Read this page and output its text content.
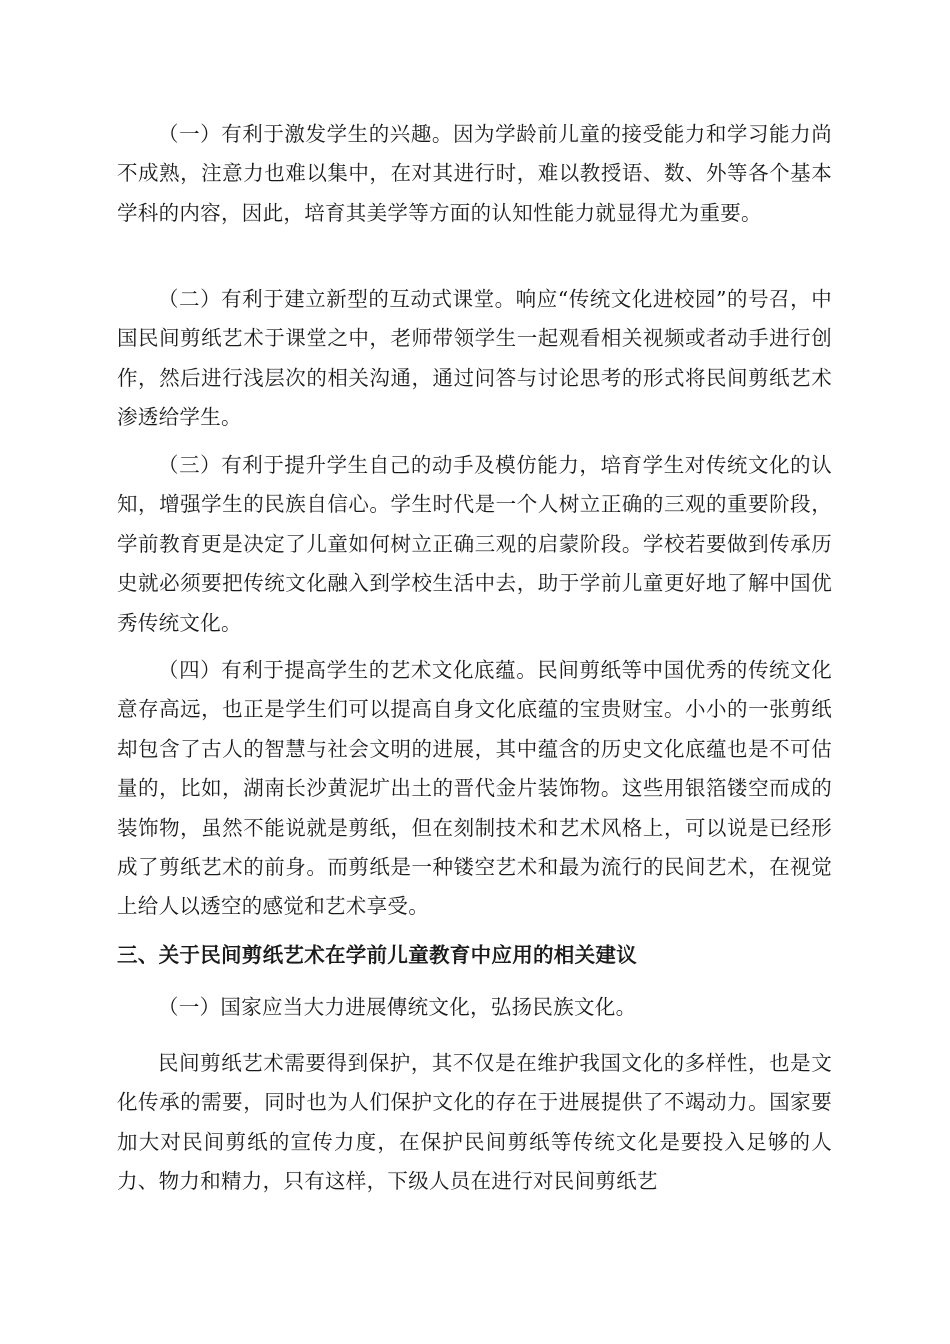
（一）有利于激发学生的兴趣。因为学龄前儿童的接受能力和学习能力尚不成熟，注意力也难以集中，在对其进行时，难以教授语、数、外等各个基本学科的内容，因此，培育其美学等方面的认知性能力就显得尤为重要。

（二）有利于建立新型的互动式课堂。响应“传统文化进校园”的号召，中国民间剪纸艺术于课堂之中，老师带领学生一起观看相关视频或者动手进行创作，然后进行浅层次的相关沟通，通过问答与讨论思考的形式将民间剪纸艺术渗透给学生。

（三）有利于提升学生自己的动手及模仿能力，培育学生对传统文化的认知，增强学生的民族自信心。学生时代是一个人树立正确的三观的重要阶段，学前教育更是决定了儿童如何树立正确三观的启蒙阶段。学校若要做到传承历史就必须要把传统文化融入到学校生活中去，助于学前儿童更好地了解中国优秀传统文化。

（四）有利于提高学生的艺术文化底蕴。民间剪纸等中国优秀的传统文化意存高远，也正是学生们可以提高自身文化底蕴的宝贵财宝。小小的一张剪纸却包含了古人的智慧与社会文明的进展，其中蕴含的历史文化底蕴也是不可估量的，比如，湖南长沙黄泥圹出土的晋代金片装饰物。这些用银箔镂空而成的装饰物，虽然不能说就是剪纸，但在刻制技术和艺术风格上，可以说是已经形成了剪纸艺术的前身。而剪纸是一种镂空艺术和最为流行的民间艺术，在视觉上给人以透空的感觉和艺术享受。

三、关于民间剪纸艺术在学前儿童教育中应用的相关建议

（一）国家应当大力进展傳统文化，弘扬民族文化。

民间剪纸艺术需要得到保护，其不仅是在维护我国文化的多样性，也是文化传承的需要，同时也为人们保护文化的存在于进展提供了不竭动力。国家要加大对民间剪纸的宣传力度，在保护民间剪纸等传统文化是要投入足够的人力、物力和精力，只有这样，下级人员在进行对民间剪纸艺
